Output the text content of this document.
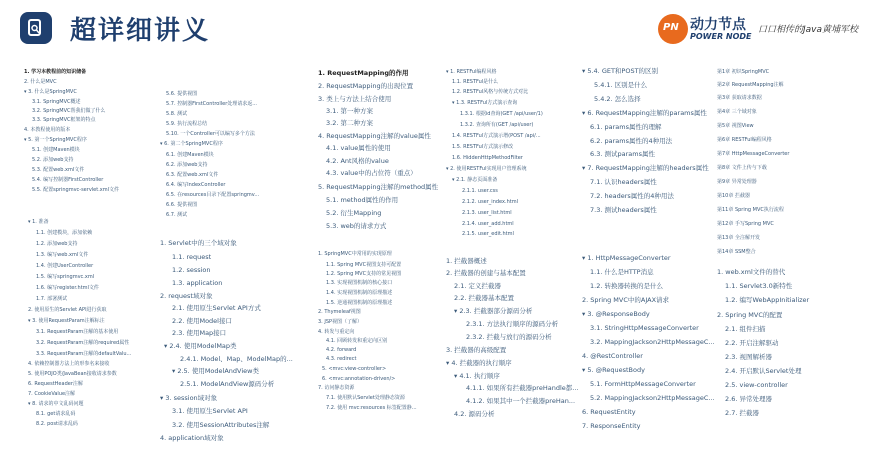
超详细讲义	PN 动力节点
POWER NODE
口口相传的Java黄埔军校
1. 学习本教程前的知识储备
2. 什么是MVC
▾ 3. 什么是SpringMVC
3.1. SpringMVC概述
3.2. SpringMVC帮我们做了什么
3.3. SpringMVC框架的特点
4. 本教程使用的版本
▾ 5. 第一个SpringMVC程序
5.1. 创建Maven模块
5.2. 添加web支持
5.3. 配置web.xml文件
5.4. 编写控制器FirstController
5.5. 配置springmvc-servlet.xml文件
▾ 1. 准备
1.1. 创建模块，添加依赖
1.2. 添加web支持
1.3. 编写web.xml文件
1.4. 创建UserController
1.5. 编写springmvc.xml
1.6. 编写register.html文件
1.7. 部署测试
2. 使用原生的Servlet API进行获取
▾ 3. 使用RequestParam注解标注
3.1. RequestParam注解的基本使用
3.2. RequestParam注解的required属性
3.3. RequestParam注解的defaultValu...
4. 依赖控制器方法上的形参名来接收
5. 使用POJO类/JavaBean接收请求参数
6. RequestHeader注解
7. CookieValue注解
▾ 8. 请求的中文乱码问题
8.1. get请求乱码
8.2. post请求乱码
5.6. 提供视图
5.7. 控制器FirstController处理请求返...
5.8. 测试
5.9. 执行流程总结
5.10. 一个Controller可以编写多个方法
▾ 6. 第二个SpringMVC程序
6.1. 创建Maven模块
6.2. 添加web支持
6.3. 配置web.xml文件
6.4. 编写IndexController
6.5. 在resources目录下配置springmv...
6.6. 提供视图
6.7. 测试
1. Servlet中的三个域对象
1.1. request
1.2. session
1.3. application
2. request域对象
2.1. 使用原生Servlet API方式
2.2. 使用Model接口
2.3. 使用Map接口
▾ 2.4. 使用ModelMap类
2.4.1. Model、Map、ModelMap的...
▾ 2.5. 使用ModelAndView类
2.5.1. ModelAndView源码分析
▾ 3. session域对象
3.1. 使用原生Servlet API
3.2. 使用SessionAttributes注解
4. application域对象
1. RequestMapping的作用
2. RequestMapping的出现位置
3. 类上与方法上结合使用
3.1. 第一种方案
3.2. 第二种方案
4. RequestMapping注解的value属性
4.1. value属性的使用
4.2. Ant风格的value
4.3. value中的占位符（重点）
5. RequestMapping注解的method属性
5.1. method属性的作用
5.2. 衍生Mapping
5.3. web的请求方式
1. SpringMVC中常用的实现原理
1.1. Spring MVC视图支持可配置
1.2. Spring MVC支持的常见视图
1.3. 实现视图机制的核心接口
1.4. 实现视图机制的原理描述
1.5. 逆通视图机制的原理描述
2. Thymeleaf视图
3. JSP视图（了解）
4. 转发与重定向
4.1. 回顾转发和重定向区别
4.2. forward
4.3. redirect
5. <mvc:view-controller>
6. <mvc:annotation-driven/>
7. 访问静态资源
7.1. 使用默认Servlet处理静态资源
7.2. 使用 mvc:resources 标签配置静...
▾ 1. RESTFul编程风格
1.1. RESTFul是什么
1.2. RESTFul风格与传统方式对比
▾ 1.3. RESTFul方式演示查询
1.3.1. 根据id查询(GET /api/user/1)
1.3.2. 查询所有(GET /api/user)
1.4. RESTFul方式演示增(POST /api/...
1.5. RESTFul方式演示修改
1.6. HiddenHttpMethodFilter
▾ 2. 使用RESTFul实现用户管理系统
▾ 2.1. 静态页面准备
2.1.1. user.css
2.1.2. user_index.html
2.1.3. user_list.html
2.1.4. user_add.html
2.1.5. user_edit.html
1. 拦截器概述
2. 拦截器的创建与基本配置
2.1. 定义拦截器
2.2. 拦截器基本配置
▾ 2.3. 拦截器部分源码分析
2.3.1. 方法执行顺序的源码分析
2.3.2. 拦截与放行的源码分析
3. 拦截器的高级配置
▾ 4. 拦截器的执行顺序
▾ 4.1. 执行顺序
4.1.1. 如果所有拦截器preHandle都...
4.1.2. 如果其中一个拦截器preHan...
4.2. 源码分析
▾ 5.4. GET和POST的区别
5.4.1. 区别是什么
5.4.2. 怎么选择
▾ 6. RequestMapping注解的params属性
6.1. params属性的理解
6.2. params属性的4种用法
6.3. 测试params属性
▾ 7. RequestMapping注解的headers属性
7.1. 认识headers属性
7.2. headers属性的4种用法
7.3. 测试headers属性
▾ 1. HttpMessageConverter
1.1. 什么是HTTP消息
1.2. 转换器转换的是什么
2. Spring MVC中的AJAX请求
▾ 3. @ResponseBody
3.1. StringHttpMessageConverter
3.2. MappingJackson2HttpMessageC...
4. @RestController
▾ 5. @RequestBody
5.1. FormHttpMessageConverter
5.2. MappingJackson2HttpMessageC...
6. RequestEntity
7. ResponseEntity
第1章 初识SpringMVC
第2章 RequestMapping注解
第3章 获取请求数据
第4章 三个域对象
第5章 视图View
第6章 RESTFul编程风格
第7章 HttpMessageConverter
第8章 文件上传与下载
第9章 异常处理器
第10章 拦截器
第11章 Spring MVC执行流程
第12章 手写Spring MVC
第13章 全注解开发
第14章 SSM整合
1. web.xml文件的替代
1.1. Servlet3.0新特性
1.2. 编写WebAppInitializer
2. Spring MVC的配置
2.1. 组件扫描
2.2. 开启注解驱动
2.3. 视图解析器
2.4. 开启默认Servlet处理
2.5. view-controller
2.6. 异常处理器
2.7. 拦截器
